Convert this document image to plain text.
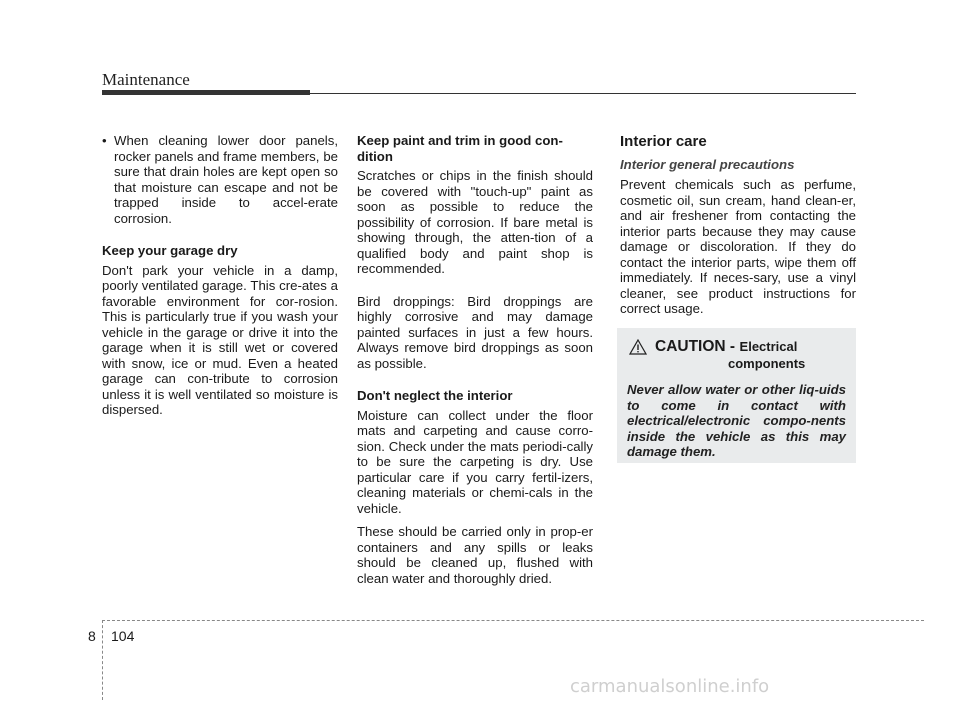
Maintenance
• When cleaning lower door panels, rocker panels and frame members, be sure that drain holes are kept open so that moisture can escape and not be trapped inside to accel-erate corrosion.
Keep your garage dry

Don't park your vehicle in a damp, poorly ventilated garage. This cre-ates a favorable environment for cor-rosion. This is particularly true if you wash your vehicle in the garage or drive it into the garage when it is still wet or covered with snow, ice or mud. Even a heated garage can con-tribute to corrosion unless it is well ventilated so moisture is dispersed.

Keep paint and trim in good con-dition

Scratches or chips in the finish should be covered with "touch-up" paint as soon as possible to reduce the possibility of corrosion. If bare metal is showing through, the atten-tion of a qualified body and paint shop is recommended.

Bird droppings: Bird droppings are highly corrosive and may damage painted surfaces in just a few hours. Always remove bird droppings as soon as possible.

Don't neglect the interior

Moisture can collect under the floor mats and carpeting and cause corro-sion. Check under the mats periodi-cally to be sure the carpeting is dry. Use particular care if you carry fertil-izers, cleaning materials or chemi-cals in the vehicle.

These should be carried only in prop-er containers and any spills or leaks should be cleaned up, flushed with clean water and thoroughly dried.

Interior care
Interior general precautions

Prevent chemicals such as perfume, cosmetic oil, sun cream, hand clean-er, and air freshener from contacting the interior parts because they may cause damage or discoloration. If they do contact the interior parts, wipe them off immediately. If neces-sary, use a vinyl cleaner, see product instructions for correct usage.

CAUTION - Electrical
components
Never allow water or other liq-uids to come in contact with electrical/electronic compo-nents inside the vehicle as this may damage them.
8 104
carmanualsonline.info
